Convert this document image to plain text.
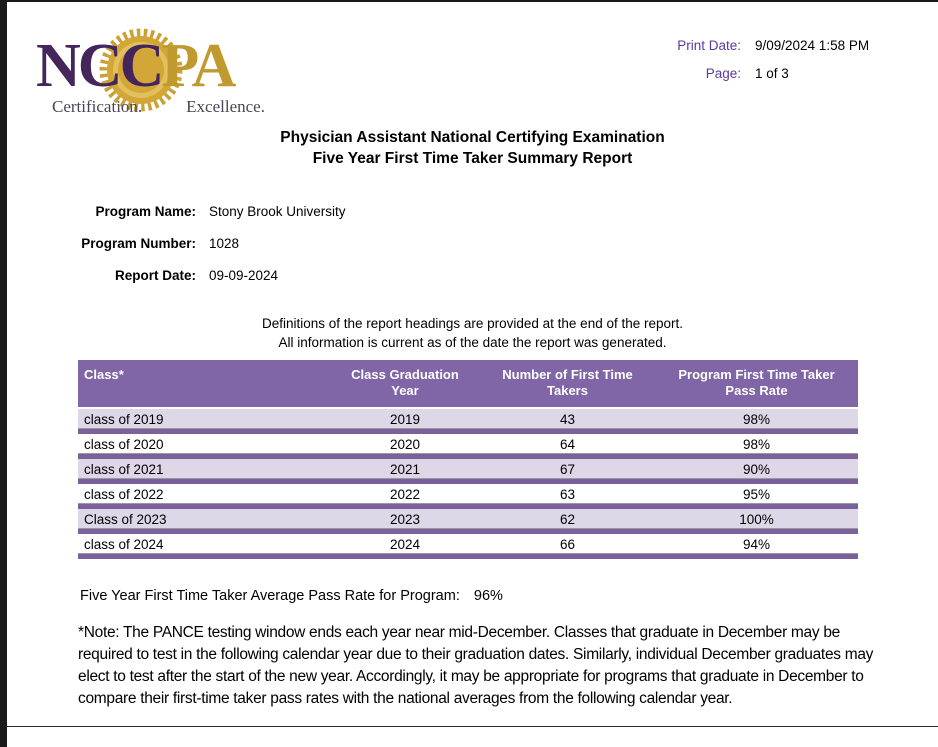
NCCPA
Certification.	Excellence.
Print Date: 9/09/2024 1:58 PM
Page: 1 of 3
Physician Assistant National Certifying Examination
Five Year First Time Taker Summary Report
Program Name: Stony Brook University
Program Number: 1028
Report Date: 09-09-2024
Definitions of the report headings are provided at the end of the report.
All information is current as of the date the report was generated.
Class*	Class Graduation Year	Number of First Time Takers	Program First Time Taker Pass Rate
class of 2019	2019	43	98%
class of 2020	2020	64	98%
class of 2021	2021	67	90%
class of 2022	2022	63	95%
Class of 2023	2023	62	100%
class of 2024	2024	66	94%
Five Year First Time Taker Average Pass Rate for Program: 96%
*Note: The PANCE testing window ends each year near mid-December. Classes that graduate in December may be required to test in the following calendar year due to their graduation dates. Similarly, individual December graduates may elect to test after the start of the new year. Accordingly, it may be appropriate for programs that graduate in December to compare their first-time taker pass rates with the national averages from the following calendar year.
